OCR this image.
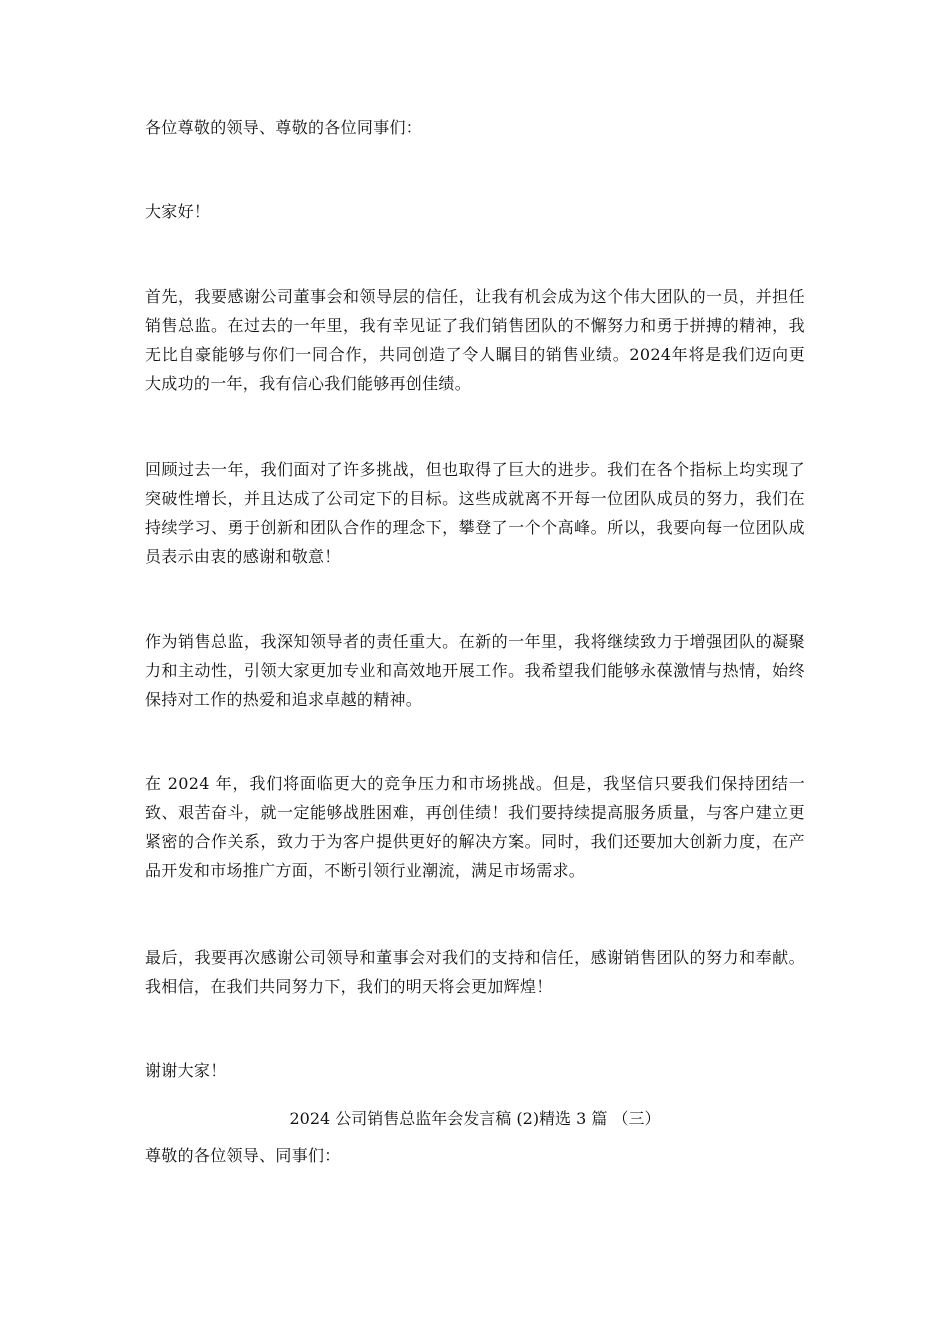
各位尊敬的领导、尊敬的各位同事们：

大家好！

首先，我要感谢公司董事会和领导层的信任，让我有机会成为这个伟大团队的一员，并担任销售总监。在过去的一年里，我有幸见证了我们销售团队的不懈努力和勇于拼搏的精神，我无比自豪能够与你们一同合作，共同创造了令人瞩目的销售业绩。2024年将是我们迈向更大成功的一年，我有信心我们能够再创佳绩。

回顾过去一年，我们面对了许多挑战，但也取得了巨大的进步。我们在各个指标上均实现了突破性增长，并且达成了公司定下的目标。这些成就离不开每一位团队成员的努力，我们在持续学习、勇于创新和团队合作的理念下，攀登了一个个高峰。所以，我要向每一位团队成员表示由衷的感谢和敬意！

作为销售总监，我深知领导者的责任重大。在新的一年里，我将继续致力于增强团队的凝聚力和主动性，引领大家更加专业和高效地开展工作。我希望我们能够永葆激情与热情，始终保持对工作的热爱和追求卓越的精神。

在 2024 年，我们将面临更大的竞争压力和市场挑战。但是，我坚信只要我们保持团结一致、艰苦奋斗，就一定能够战胜困难，再创佳绩！我们要持续提高服务质量，与客户建立更紧密的合作关系，致力于为客户提供更好的解决方案。同时，我们还要加大创新力度，在产品开发和市场推广方面，不断引领行业潮流，满足市场需求。

最后，我要再次感谢公司领导和董事会对我们的支持和信任，感谢销售团队的努力和奉献。我相信，在我们共同努力下，我们的明天将会更加辉煌！

谢谢大家！

2024 公司销售总监年会发言稿 (2)精选 3 篇 （三）

尊敬的各位领导、同事们：
